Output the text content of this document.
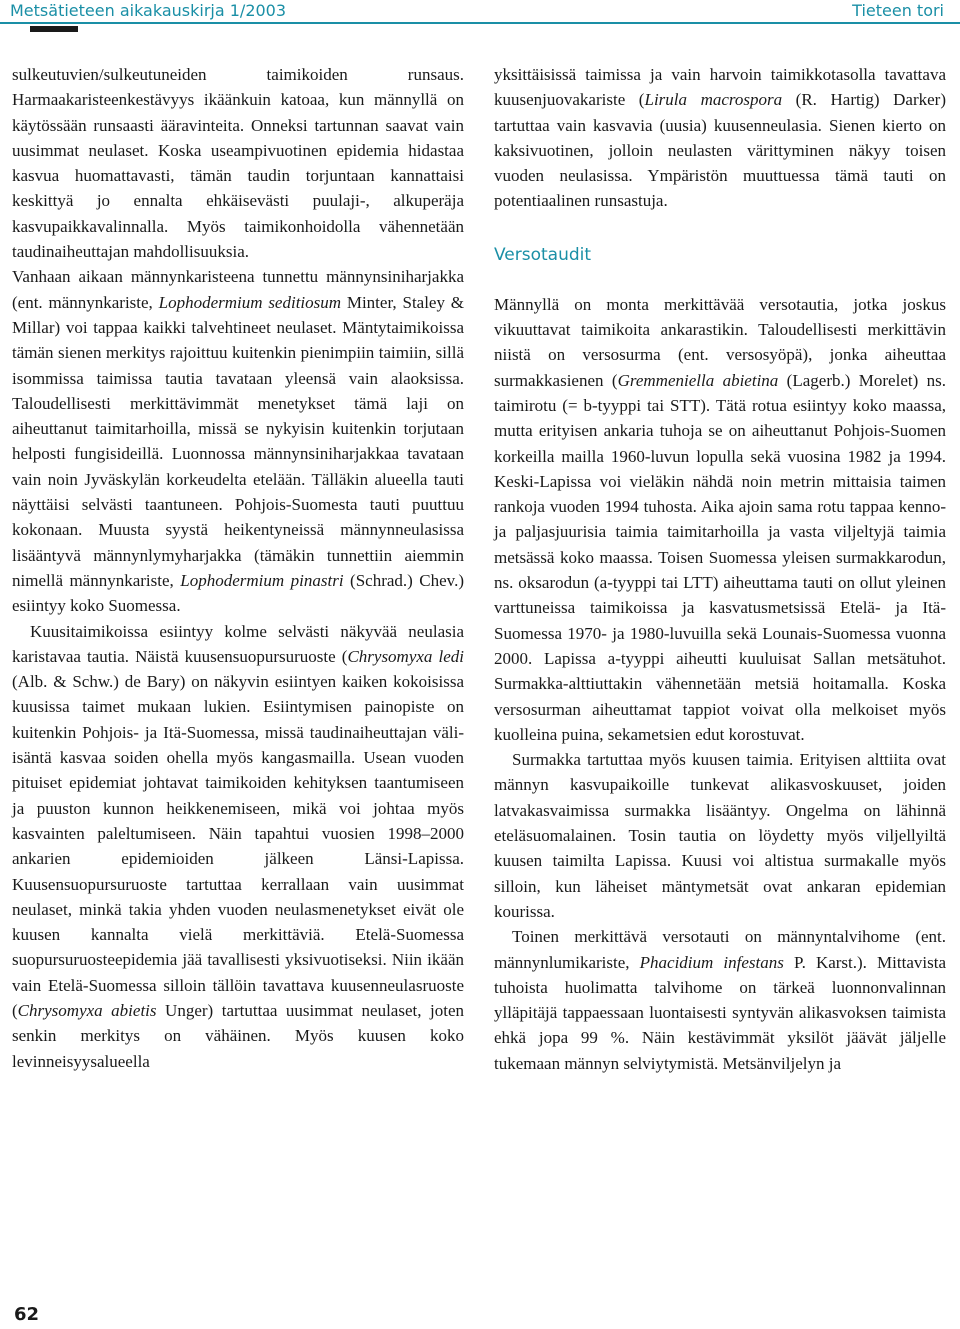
Metsätieteen aikakauskirja 1/2003	Tieteen tori

sulkeutuvien/sulkeutuneiden taimikoiden runsaus. Harmaakaristeenkestävyys ikäänkuin katoaa, kun männyllä on käytössään runsaasti ääravinteita. Onneksi tartunnan saavat vain uusimmat neulaset. Koska useampivuotinen epidemia hidastaa kasvua huomattavasti, tämän taudin torjuntaan kannattaisi keskittyä jo ennalta ehkäisevästi puulaji-, alkuperäja kasvupaikkavalinnalla. Myös taimikonhoidolla vähennetään taudinaiheuttajan mahdollisuuksia.

Vanhaan aikaan männynkaristeena tunnettu männynsiniharjakka (ent. männynkariste, Lophodermium seditiosum Minter, Staley & Millar) voi tappaa kaikki talvehtineet neulaset. Mäntytaimikoissa tämän sienen merkitys rajoittuu kuitenkin pienimpiin taimiin, sillä isommissa taimissa tautia tavataan yleensä vain alaoksissa. Taloudellisesti merkittävimmät menetykset tämä laji on aiheuttanut taimitarhoilla, missä se nykyisin kuitenkin torjutaan helposti fungisideillä. Luonnossa männynsiniharjakkaa tavataan vain noin Jyväskylän korkeudelta etelään. Tälläkin alueella tauti näyttäisi selvästi taantuneen. Pohjois-Suomesta tauti puuttuu kokonaan. Muusta syystä heikentyneissä männynneulasissa lisääntyvä männynlymyharjakka (tämäkin tunnettiin aiemmin nimellä männynkariste, Lophodermium pinastri (Schrad.) Chev.) esiintyy koko Suomessa.

Kuusitaimikoissa esiintyy kolme selvästi näkyvää neulasia karistavaa tautia. Näistä kuusensuopursuruoste (Chrysomyxa ledi (Alb. & Schw.) de Bary) on näkyvin esiintyen kaiken kokoisissa kuusissa taimet mukaan lukien. Esiintymisen painopiste on kuitenkin Pohjois- ja Itä-Suomessa, missä taudinaiheuttajan väli-isäntä kasvaa soiden ohella myös kangasmailla. Usean vuoden pituiset epidemiat johtavat taimikoiden kehityksen taantumiseen ja puuston kunnon heikkenemiseen, mikä voi johtaa myös kasvainten paleltumiseen. Näin tapahtui vuosien 1998–2000 ankarien epidemioiden jälkeen Länsi-Lapissa. Kuusensuopursuruoste tartuttaa kerrallaan vain uusimmat neulaset, minkä takia yhden vuoden neulasmenetykset eivät ole kuusen kannalta vielä merkittäviä. Etelä-Suomessa suopursuruosteepidemia jää tavallisesti yksivuotiseksi. Niin ikään vain Etelä-Suomessa silloin tällöin tavattava kuusenneulasruoste (Chrysomyxa abietis Unger) tartuttaa uusimmat neulaset, joten senkin merkitys on vähäinen. Myös kuusen koko levinneisyysalueella

yksittäisissä taimissa ja vain harvoin taimikkotasolla tavattava kuusenjuovakariste (Lirula macrospora (R. Hartig) Darker) tartuttaa vain kasvavia (uusia) kuusenneulasia. Sienen kierto on kaksivuotinen, jolloin neulasten värittyminen näkyy toisen vuoden neulasissa. Ympäristön muuttuessa tämä tauti on potentiaalinen runsastuja.

Versotaudit

Männyllä on monta merkittävää versotautia, jotka joskus vikuuttavat taimikoita ankarastikin. Taloudellisesti merkittävin niistä on versosurma (ent. versosyöpä), jonka aiheuttaa surmakkasienen (Gremmeniella abietina (Lagerb.) Morelet) ns. taimirotu (= b-tyyppi tai STT). Tätä rotua esiintyy koko maassa, mutta erityisen ankaria tuhoja se on aiheuttanut Pohjois-Suomen korkeilla mailla 1960-luvun lopulla sekä vuosina 1982 ja 1994. Keski-Lapissa voi vieläkin nähdä noin metrin mittaisia taimen rankoja vuoden 1994 tuhosta. Aika ajoin sama rotu tappaa kenno- ja paljasjuurisia taimia taimitarhoilla ja vasta viljeltyjä taimia metsässä koko maassa. Toisen Suomessa yleisen surmakkarodun, ns. oksarodun (a-tyyppi tai LTT) aiheuttama tauti on ollut yleinen varttuneissa taimikoissa ja kasvatusmetsissä Etelä- ja Itä-Suomessa 1970- ja 1980-luvuilla sekä Lounais-Suomessa vuonna 2000. Lapissa a-tyyppi aiheutti kuuluisat Sallan metsätuhot. Surmakka-alttiuttakin vähennetään metsiä hoitamalla. Koska versosurman aiheuttamat tappiot voivat olla melkoiset myös kuolleina puina, sekametsien edut korostuvat.

Surmakka tartuttaa myös kuusen taimia. Erityisen alttiita ovat männyn kasvupaikoille tunkevat alikasvoskuuset, joiden latvakasvaimissa surmakka lisääntyy. Ongelma on lähinnä eteläsuomalainen. Tosin tautia on löydetty myös viljellyiltä kuusen taimilta Lapissa. Kuusi voi altistua surmakalle myös silloin, kun läheiset mäntymetsät ovat ankaran epidemian kourissa.

Toinen merkittävä versotauti on männyntalvihome (ent. männynlumikariste, Phacidium infestans P. Karst.). Mittavista tuhoista huolimatta talvihome on tärkeä luonnonvalinnan ylläpitäjä tappaessaan luontaisesti syntyvän alikasvoksen taimista ehkä jopa 99 %. Näin kestävimmät yksilöt jäävät jäljelle tukemaan männyn selviytymistä. Metsänviljelyn ja

62
